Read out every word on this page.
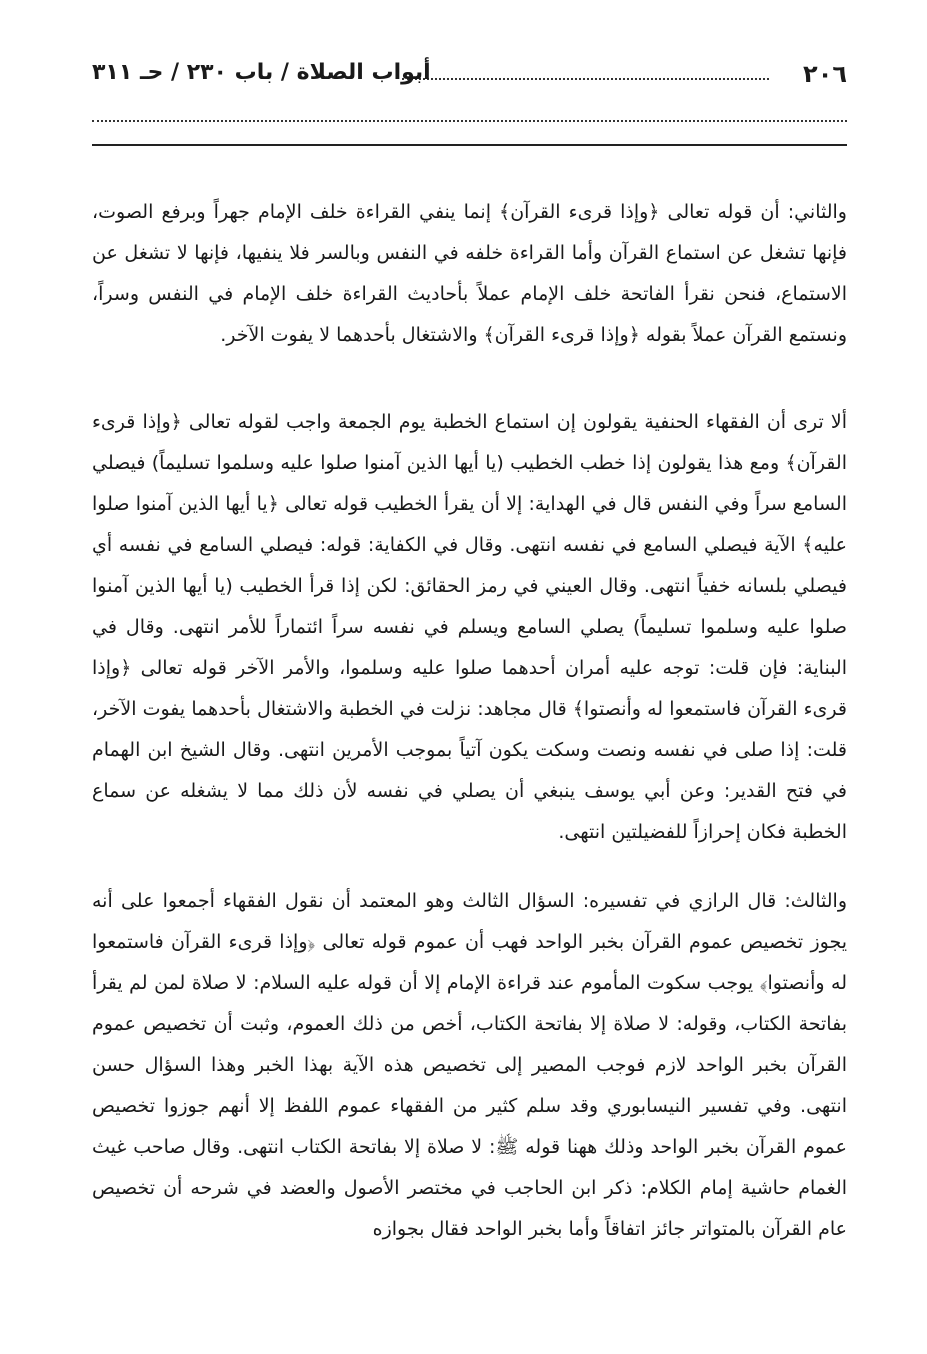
٢٠٦
أبواب الصلاة / باب ٢٣٠ / حـ ٣١١

والثاني: أن قوله تعالى ﴿وإذا قرىء القرآن﴾ إنما ينفي القراءة خلف الإمام جهراً وبرفع الصوت، فإنها تشغل عن استماع القرآن وأما القراءة خلفه في النفس وبالسر فلا ينفيها، فإنها لا تشغل عن الاستماع، فنحن نقرأ الفاتحة خلف الإمام عملاً بأحاديث القراءة خلف الإمام في النفس وسراً، ونستمع القرآن عملاً بقوله ﴿وإذا قرىء القرآن﴾ والاشتغال بأحدهما لا يفوت الآخر.

ألا ترى أن الفقهاء الحنفية يقولون إن استماع الخطبة يوم الجمعة واجب لقوله تعالى ﴿وإذا قرىء القرآن﴾ ومع هذا يقولون إذا خطب الخطيب (يا أيها الذين آمنوا صلوا عليه وسلموا تسليماً) فيصلي السامع سراً وفي النفس قال في الهداية: إلا أن يقرأ الخطيب قوله تعالى ﴿يا أيها الذين آمنوا صلوا عليه﴾ الآية فيصلي السامع في نفسه انتهى. وقال في الكفاية: قوله: فيصلي السامع في نفسه أي فيصلي بلسانه خفياً انتهى. وقال العيني في رمز الحقائق: لكن إذا قرأ الخطيب (يا أيها الذين آمنوا صلوا عليه وسلموا تسليماً) يصلي السامع ويسلم في نفسه سراً ائتماراً للأمر انتهى. وقال في البناية: فإن قلت: توجه عليه أمران أحدهما صلوا عليه وسلموا، والأمر الآخر قوله تعالى ﴿وإذا قرىء القرآن فاستمعوا له وأنصتوا﴾ قال مجاهد: نزلت في الخطبة والاشتغال بأحدهما يفوت الآخر، قلت: إذا صلى في نفسه ونصت وسكت يكون آتياً بموجب الأمرين انتهى. وقال الشيخ ابن الهمام في فتح القدير: وعن أبي يوسف ينبغي أن يصلي في نفسه لأن ذلك مما لا يشغله عن سماع الخطبة فكان إحرازاً للفضيلتين انتهى.

والثالث: قال الرازي في تفسيره: السؤال الثالث وهو المعتمد أن نقول الفقهاء أجمعوا على أنه يجوز تخصيص عموم القرآن بخبر الواحد فهب أن عموم قوله تعالى ﴿وإذا قرىء القرآن فاستمعوا له وأنصتوا﴾ يوجب سكوت المأموم عند قراءة الإمام إلا أن قوله عليه السلام: لا صلاة لمن لم يقرأ بفاتحة الكتاب، وقوله: لا صلاة إلا بفاتحة الكتاب، أخص من ذلك العموم، وثبت أن تخصيص عموم القرآن بخبر الواحد لازم فوجب المصير إلى تخصيص هذه الآية بهذا الخبر وهذا السؤال حسن انتهى. وفي تفسير النيسابوري وقد سلم كثير من الفقهاء عموم اللفظ إلا أنهم جوزوا تخصيص عموم القرآن بخبر الواحد وذلك ههنا قوله ﷺ: لا صلاة إلا بفاتحة الكتاب انتهى. وقال صاحب غيث الغمام حاشية إمام الكلام: ذكر ابن الحاجب في مختصر الأصول والعضد في شرحه أن تخصيص عام القرآن بالمتواتر جائز اتفاقاً وأما بخبر الواحد فقال بجوازه
